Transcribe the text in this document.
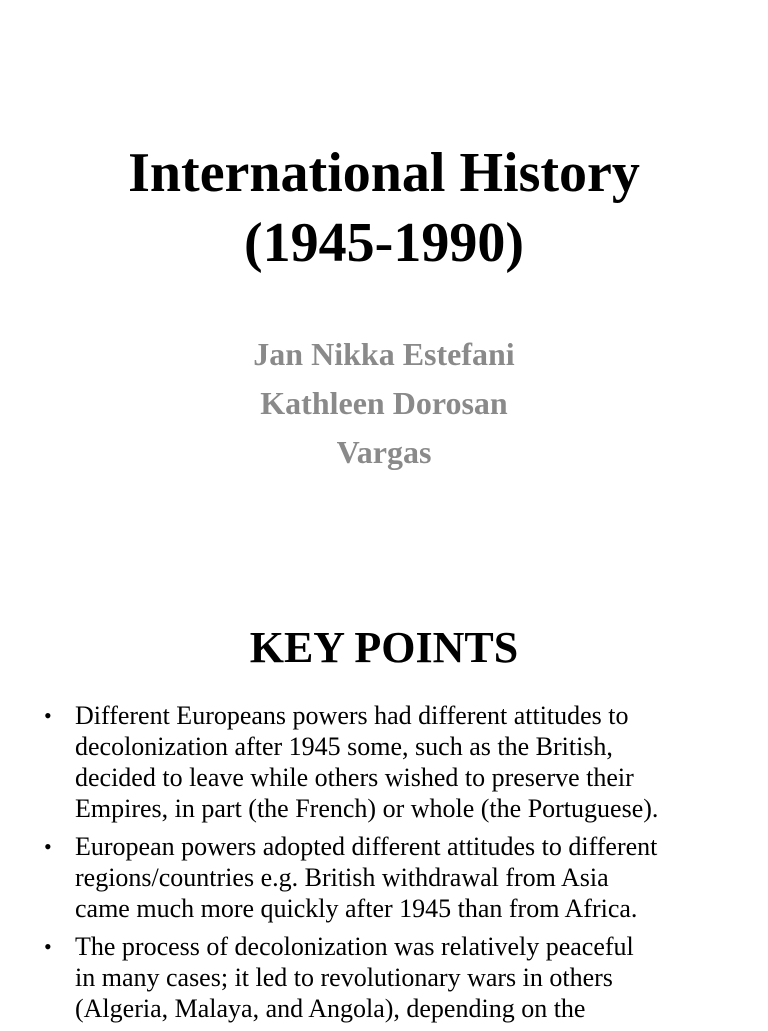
International History
(1945-1990)
Jan Nikka Estefani
Kathleen Dorosan
Vargas
KEY POINTS
• Different Europeans powers had different attitudes to
decolonization after 1945 some, such as the British,
decided to leave while others wished to preserve their
Empires, in part (the French) or whole (the Portuguese).
• European powers adopted different attitudes to different
regions/countries e.g. British withdrawal from Asia
came much more quickly after 1945 than from Africa.
• The process of decolonization was relatively peaceful
in many cases; it led to revolutionary wars in others
(Algeria, Malaya, and Angola), depending on the
